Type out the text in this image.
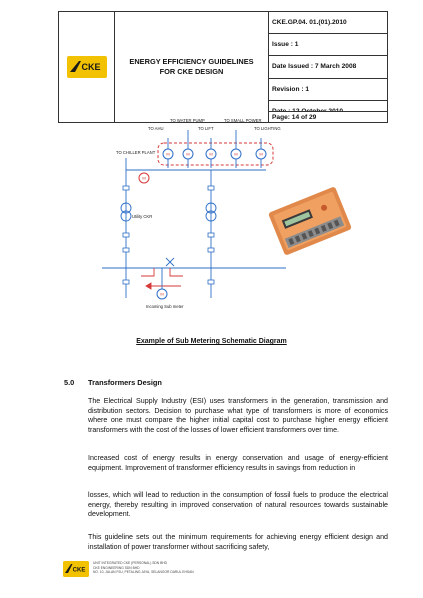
CKE
ENERGY EFFICIENCY GUIDELINES
FOR CKE DESIGN
CKE.GP.04. 01.(01).2010
Issue : 1
Date Issued : 7 March 2008
Revision : 1
Page: 14 of 29
TO CHILLER PLANT
TO AHU
TO WATER PUMP
TO LIFT
TO SMALL POWER
TO LIGHTING
Utility CKR
Incoming Sub meter
M	M	M	M	M
M
M
Example of Sub Metering Schematic Diagram
5.0 Transformers Design
The Electrical Supply Industry (ESI) uses transformers in the generation, transmission and distribution sectors. Decision to purchase what type of transformers is more of economics where one must compare the higher initial capital cost to purchase higher energy efficient transformers with the cost of the losses of lower efficient transformers over time.
Increased cost of energy results in energy conservation and usage of energy-efficient equipment. Improvement of transformer efficiency results in savings from reduction in
losses, which will lead to reduction in the consumption of fossil fuels to produce the electrical energy, thereby resulting in improved conservation of natural resources towards sustainable development.
This guideline sets out the minimum requirements for achieving energy efficient design and installation of power transformer without sacrificing safety,
CKE
UNIT INTEGRATED CKE (PERSONAL) SDN BHD
CKE ENGINEERING SDN BHD
NO. 10, JALAN PJU, PETALING JAYA, SELANGOR DARUL EHSAN
